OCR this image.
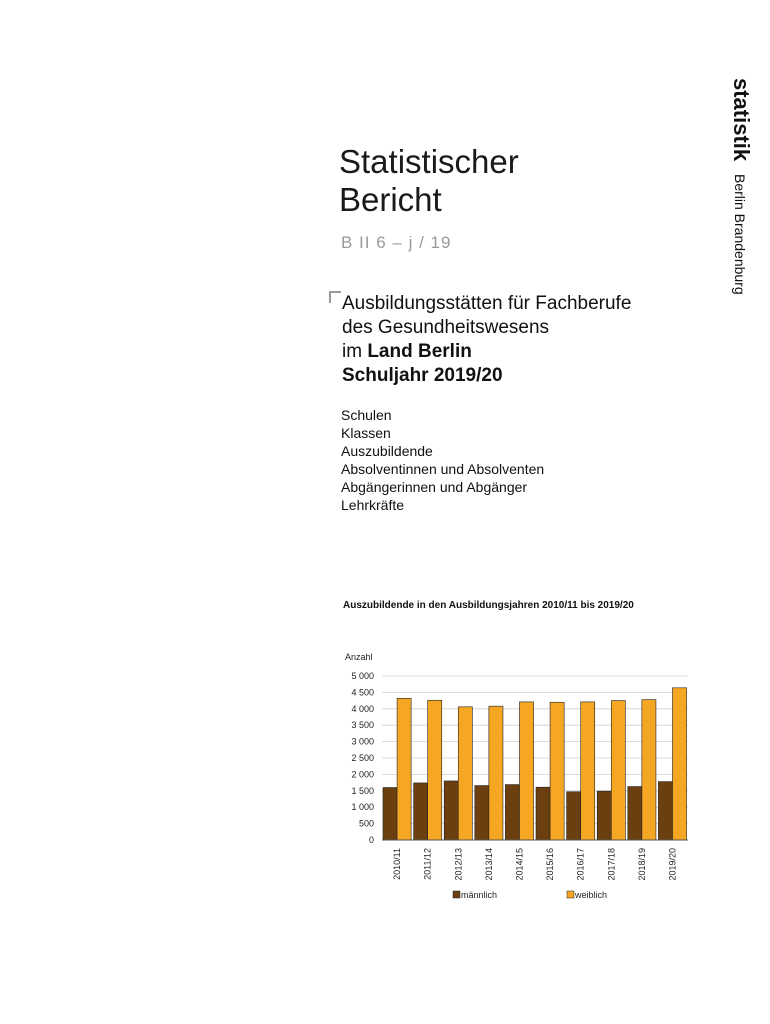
statistik
Berlin Brandenburg
Statistischer
Bericht
B II 6 – j / 19
Ausbildungsstätten für Fachberufe
des Gesundheitswesens
im Land Berlin
Schuljahr 2019/20
Schulen
Klassen
Auszubildende
Absolventinnen und Absolventen
Abgängerinnen und Abgänger
Lehrkräfte
Auszubildende in den Ausbildungsjahren 2010/11 bis 2019/20
Anzahl
0
500
1 000
1 500
2 000
2 500
3 000
3 500
4 000
4 500
5 000
2010/11 2011/12 2012/13 2013/14 2014/15 2015/16 2016/17 2017/18 2018/19 2019/20
männlich	weiblich
